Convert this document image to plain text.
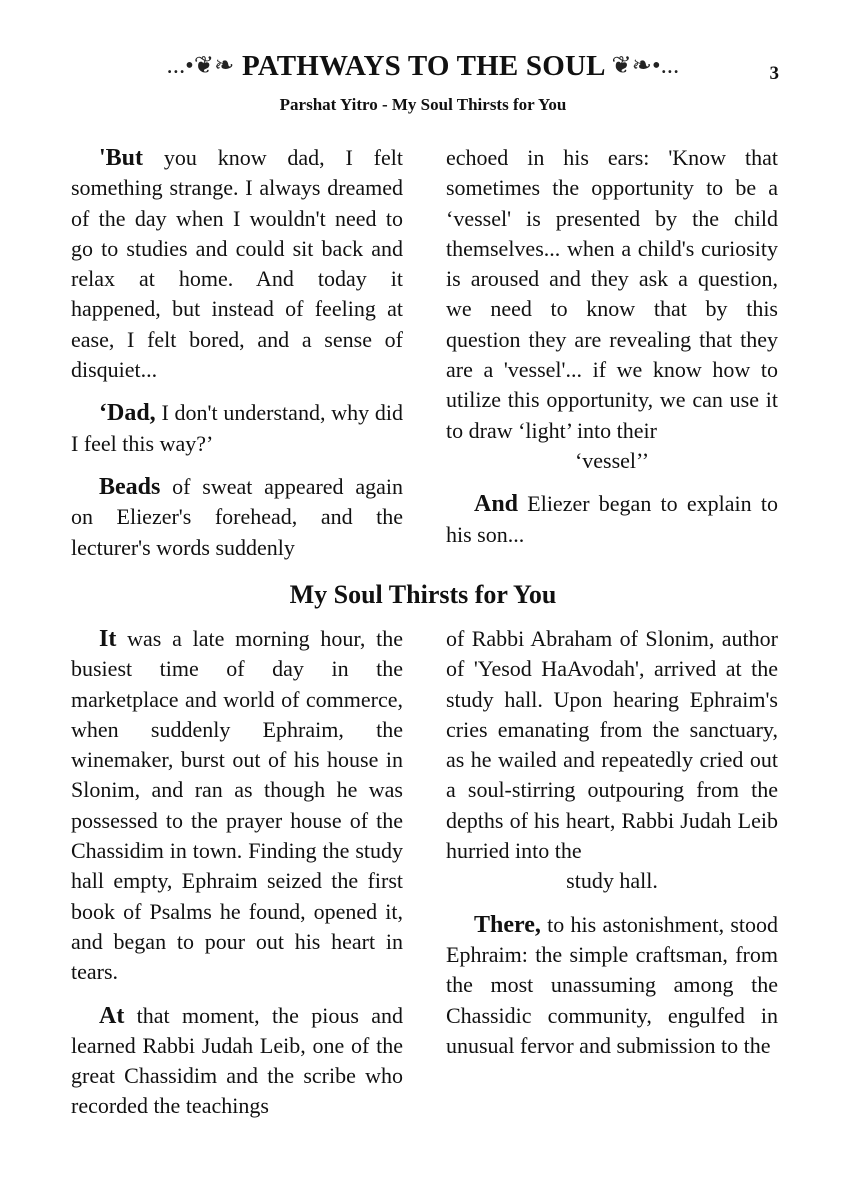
...•❦❧ PATHWAYS TO THE SOUL ❦❧•...	3
Parshat Yitro - My Soul Thirsts for You

'But you know dad, I felt something strange. I always dreamed of the day when I wouldn't need to go to studies and could sit back and relax at home. And today it happened, but instead of feeling at ease, I felt bored, and a sense of disquiet...

‘Dad, I don't understand, why did I feel this way?’

Beads of sweat appeared again on Eliezer's forehead, and the lecturer's words suddenly

echoed in his ears: 'Know that sometimes the opportunity to be a ‘vessel' is presented by the child themselves... when a child's curiosity is aroused and they ask a question, we need to know that by this question they are revealing that they are a 'vessel'... if we know how to utilize this opportunity, we can use it to draw ‘light’ into their

‘vessel’’

And Eliezer began to explain to his son...

My Soul Thirsts for You

It was a late morning hour, the busiest time of day in the marketplace and world of commerce, when suddenly Ephraim, the winemaker, burst out of his house in Slonim, and ran as though he was possessed to the prayer house of the Chassidim in town. Finding the study hall empty, Ephraim seized the first book of Psalms he found, opened it, and began to pour out his heart in tears.

At that moment, the pious and learned Rabbi Judah Leib, one of the great Chassidim and the scribe who recorded the teachings

of Rabbi Abraham of Slonim, author of 'Yesod HaAvodah', arrived at the study hall. Upon hearing Ephraim's cries emanating from the sanctuary, as he wailed and repeatedly cried out a soul-stirring outpouring from the depths of his heart, Rabbi Judah Leib hurried into the

study hall.

There, to his astonishment, stood Ephraim: the simple craftsman, from the most unassuming among the Chassidic community, engulfed in unusual fervor and submission to the
